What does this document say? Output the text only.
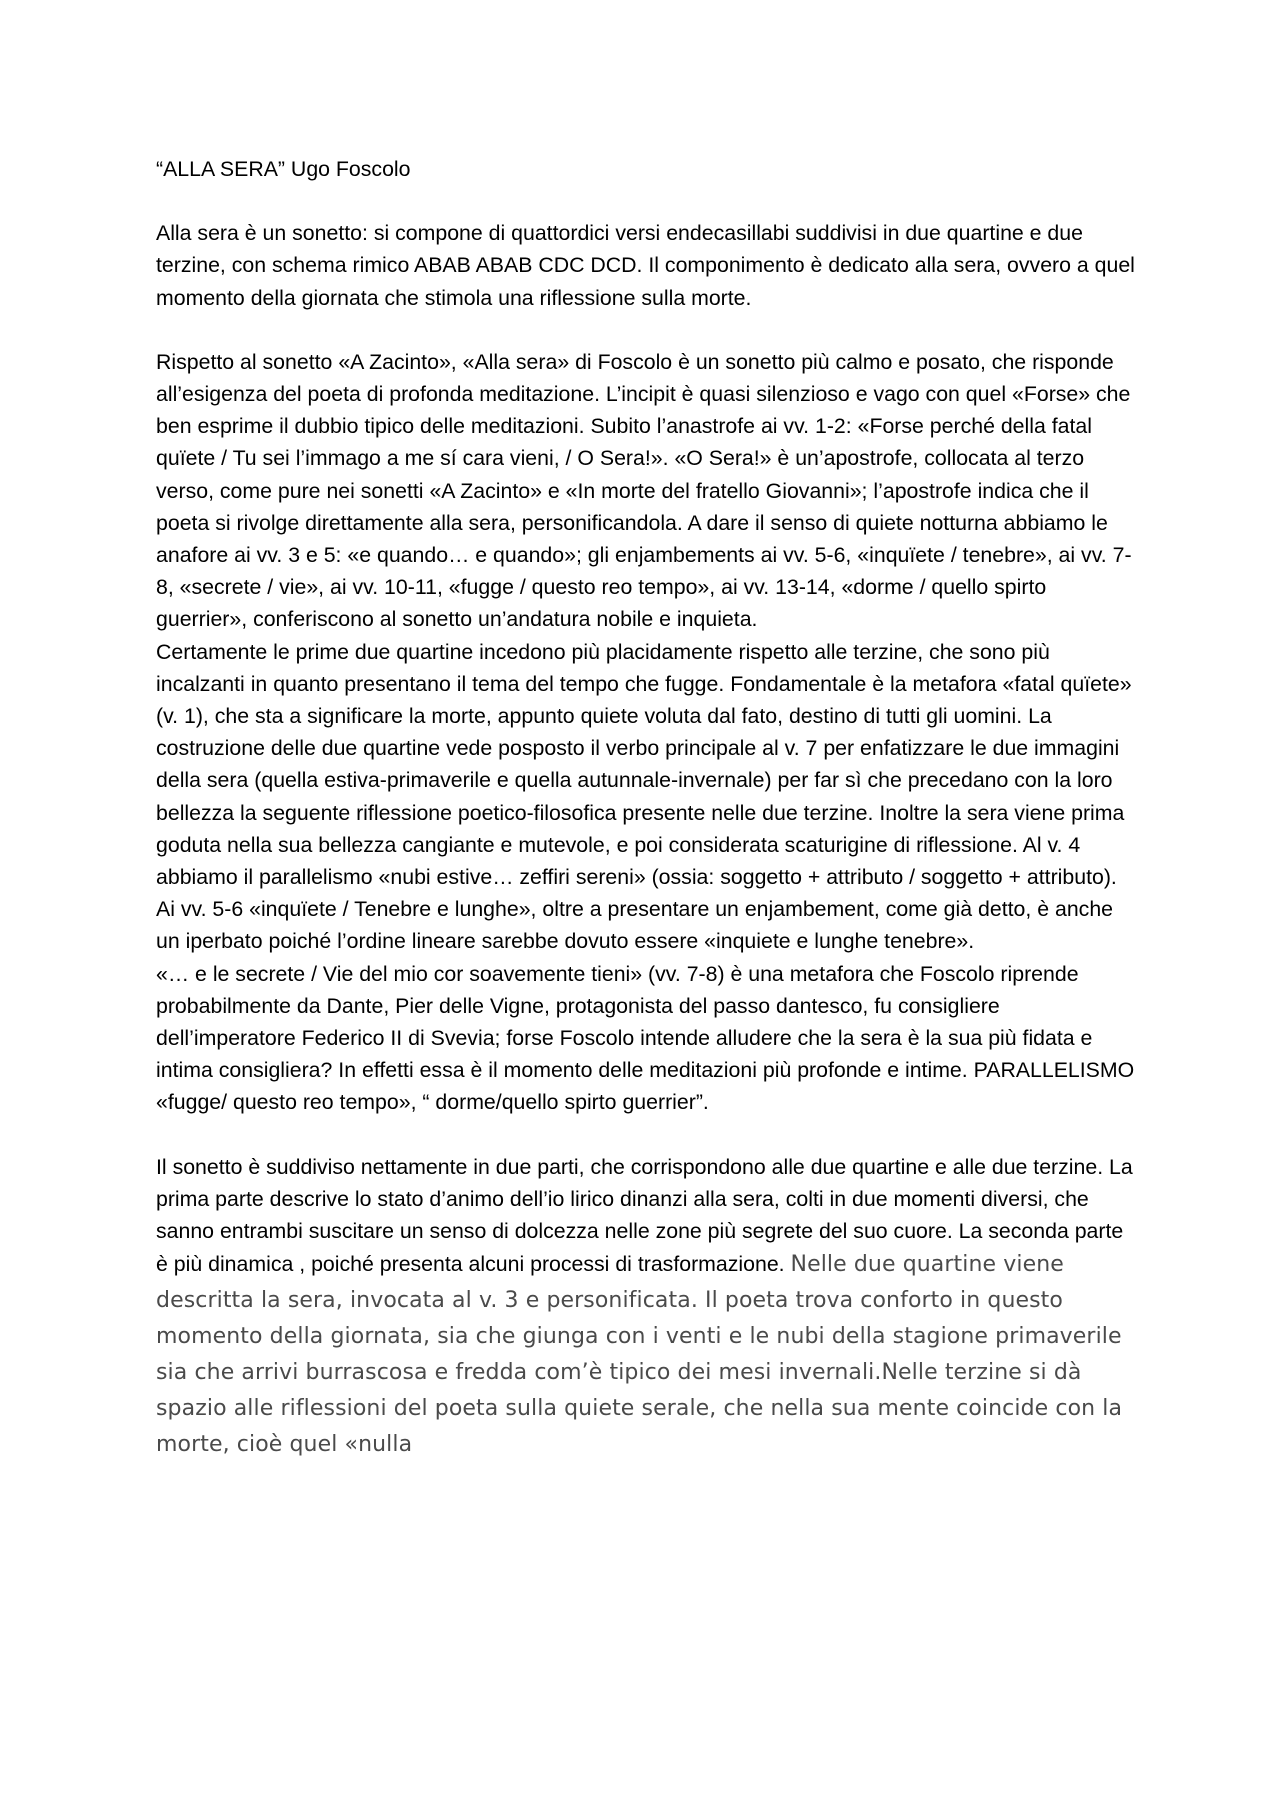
“ALLA SERA” Ugo Foscolo

Alla sera è un sonetto: si compone di quattordici versi endecasillabi suddivisi in due quartine e due terzine, con schema rimico ABAB ABAB CDC DCD. Il componimento è dedicato alla sera, ovvero a quel momento della giornata che stimola una riflessione sulla morte.

Rispetto al sonetto «A Zacinto», «Alla sera» di Foscolo è un sonetto più calmo e posato, che risponde all’esigenza del poeta di profonda meditazione. L’incipit è quasi silenzioso e vago con quel «Forse» che ben esprime il dubbio tipico delle meditazioni. Subito l’anastrofe ai vv. 1-2: «Forse perché della fatal quïete / Tu sei l’immago a me sí cara vieni, / O Sera!». «O Sera!» è un’apostrofe, collocata al terzo verso, come pure nei sonetti «A Zacinto» e «In morte del fratello Giovanni»; l’apostrofe indica che il poeta si rivolge direttamente alla sera, personificandola. A dare il senso di quiete notturna abbiamo le anafore ai vv. 3 e 5: «e quando… e quando»; gli enjambements ai vv. 5-6, «inquïete / tenebre», ai vv. 7-8, «secrete / vie», ai vv. 10-11, «fugge / questo reo tempo», ai vv. 13-14, «dorme / quello spirto guerrier», conferiscono al sonetto un’andatura nobile e inquieta.

Certamente le prime due quartine incedono più placidamente rispetto alle terzine, che sono più incalzanti in quanto presentano il tema del tempo che fugge. Fondamentale è la metafora «fatal quïete» (v. 1), che sta a significare la morte, appunto quiete voluta dal fato, destino di tutti gli uomini. La costruzione delle due quartine vede posposto il verbo principale al v. 7 per enfatizzare le due immagini della sera (quella estiva-primaverile e quella autunnale-invernale) per far sì che precedano con la loro bellezza la seguente riflessione poetico-filosofica presente nelle due terzine. Inoltre la sera viene prima goduta nella sua bellezza cangiante e mutevole, e poi considerata scaturigine di riflessione. Al v. 4 abbiamo il parallelismo «nubi estive… zeffiri sereni» (ossia: soggetto + attributo / soggetto + attributo). Ai vv. 5-6 «inquïete / Tenebre e lunghe», oltre a presentare un enjambement, come già detto, è anche un iperbato poiché l’ordine lineare sarebbe dovuto essere «inquiete e lunghe tenebre».

«… e le secrete / Vie del mio cor soavemente tieni» (vv. 7-8) è una metafora che Foscolo riprende probabilmente da Dante, Pier delle Vigne, protagonista del passo dantesco, fu consigliere dell’imperatore Federico II di Svevia; forse Foscolo intende alludere che la sera è la sua più fidata e intima consigliera? In effetti essa è il momento delle meditazioni più profonde e intime. PARALLELISMO «fugge/ questo reo tempo», “ dorme/quello spirto guerrier”.

Il sonetto è suddiviso nettamente in due parti, che corrispondono alle due quartine e alle due terzine. La prima parte descrive lo stato d’animo dell’io lirico dinanzi alla sera, colti in due momenti diversi, che sanno entrambi suscitare un senso di dolcezza nelle zone più segrete del suo cuore. La seconda parte è più dinamica , poiché presenta alcuni processi di trasformazione. Nelle due quartine viene descritta la sera, invocata al v. 3 e personificata. Il poeta trova conforto in questo momento della giornata, sia che giunga con i venti e le nubi della stagione primaverile sia che arrivi burrascosa e fredda com’è tipico dei mesi invernali.Nelle terzine si dà spazio alle riflessioni del poeta sulla quiete serale, che nella sua mente coincide con la morte, cioè quel «nulla
